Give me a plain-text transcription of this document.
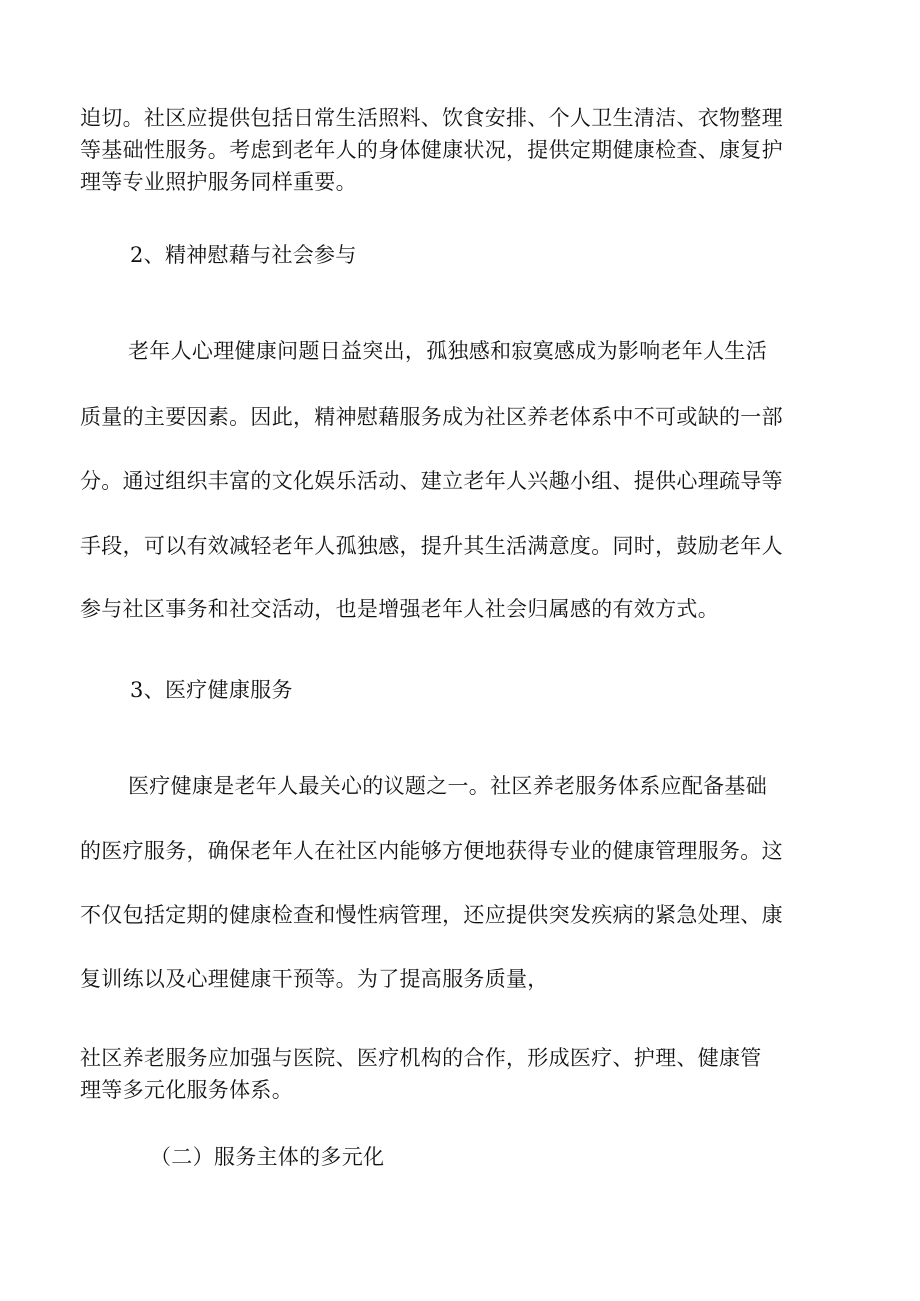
迫切。社区应提供包括日常生活照料、饮食安排、个人卫生清洁、衣物整理
等基础性服务。考虑到老年人的身体健康状况，提供定期健康检查、康复护
理等专业照护服务同样重要。
2、精神慰藉与社会参与
老年人心理健康问题日益突出，孤独感和寂寞感成为影响老年人生活
质量的主要因素。因此，精神慰藉服务成为社区养老体系中不可或缺的一部
分。通过组织丰富的文化娱乐活动、建立老年人兴趣小组、提供心理疏导等
手段，可以有效减轻老年人孤独感，提升其生活满意度。同时，鼓励老年人
参与社区事务和社交活动，也是增强老年人社会归属感的有效方式。
3、医疗健康服务
医疗健康是老年人最关心的议题之一。社区养老服务体系应配备基础
的医疗服务，确保老年人在社区内能够方便地获得专业的健康管理服务。这
不仅包括定期的健康检查和慢性病管理，还应提供突发疾病的紧急处理、康
复训练以及心理健康干预等。为了提高服务质量，
社区养老服务应加强与医院、医疗机构的合作，形成医疗、护理、健康管
理等多元化服务体系。
（二）服务主体的多元化
